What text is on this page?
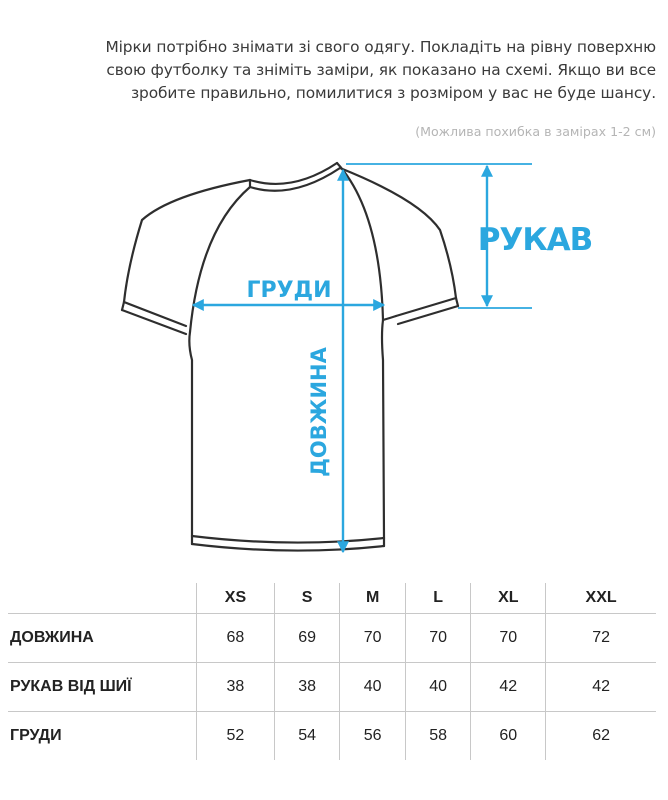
Мірки потрібно знімати зі свого одягу. Покладіть на рівну поверхню
свою футболку та зніміть заміри, як показано на схемі. Якщо ви все
зробите правильно, помилитися з розміром у вас не буде шансу.
(Можлива похибка в замірах 1-2 см)
ГРУДИ
РУКАВ
ДОВЖИНА
	XS	S	M	L	XL	XXL
ДОВЖИНА	68	69	70	70	70	72
РУКАВ ВІД ШИЇ	38	38	40	40	42	42
ГРУДИ	52	54	56	58	60	62
